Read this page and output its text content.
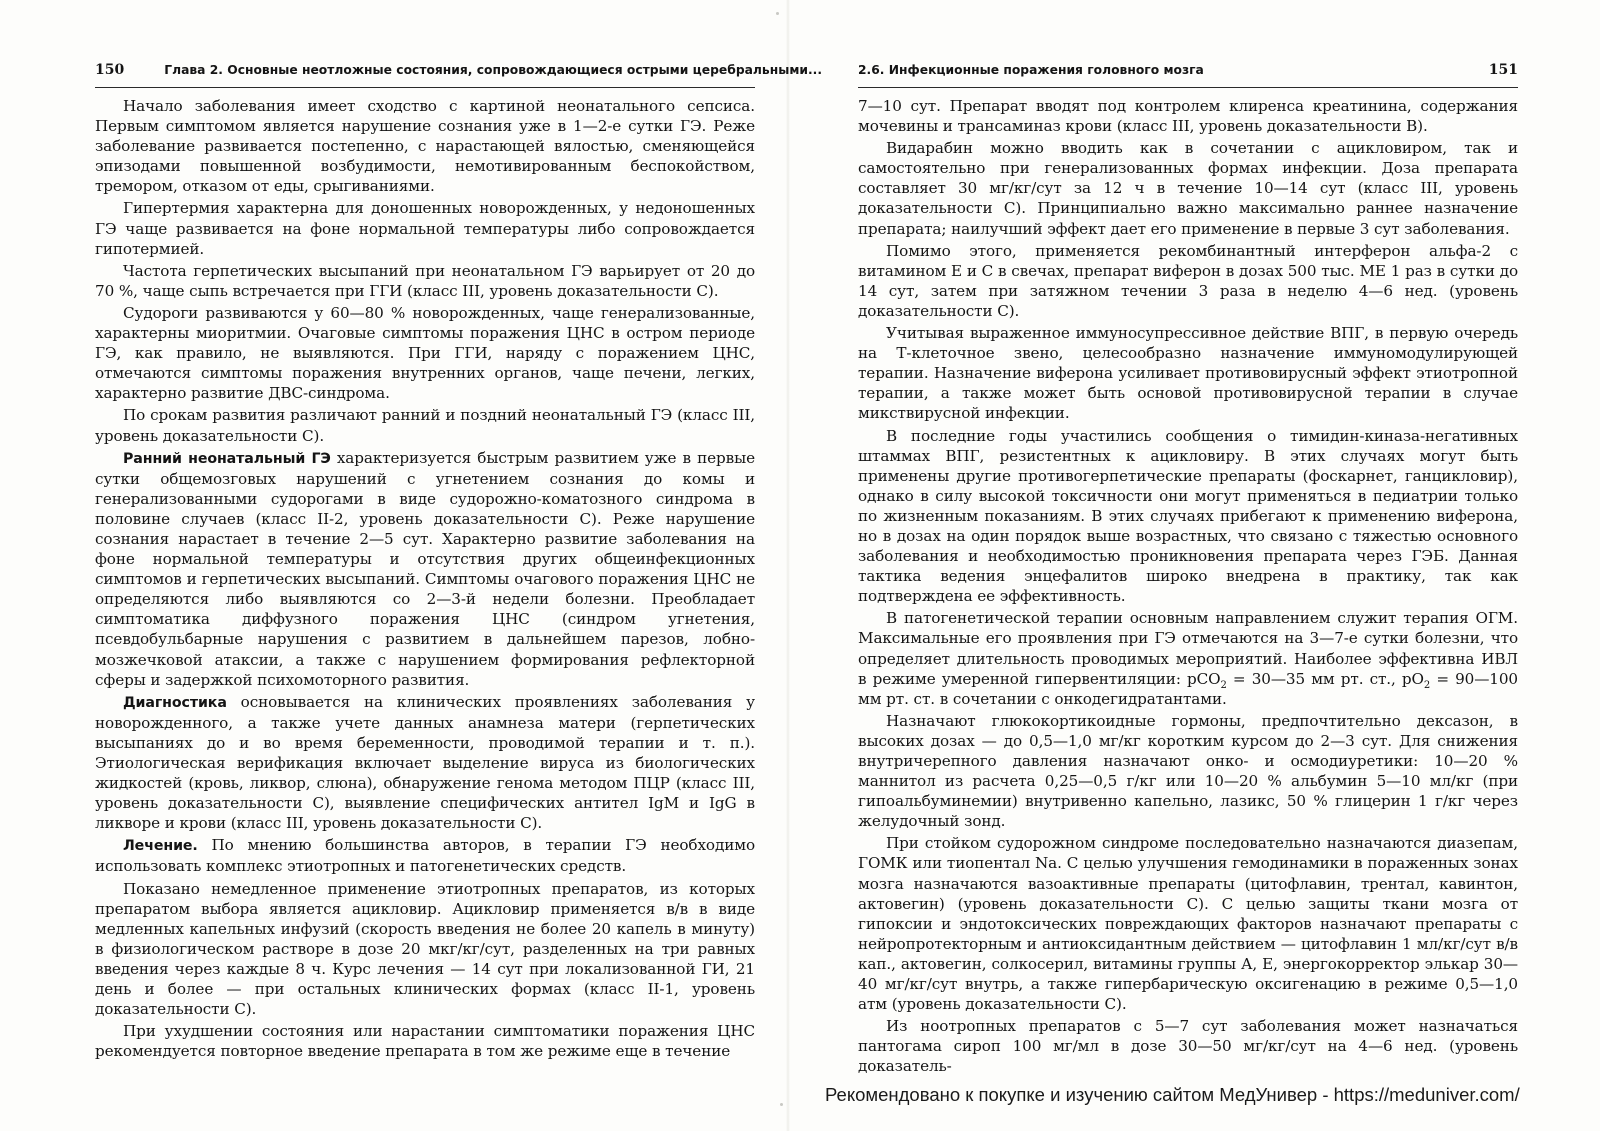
150	Глава 2. Основные неотложные состояния, сопровождающиеся острыми церебральными...

Начало заболевания имеет сходство с картиной неонатального сепсиса. Первым симптомом является нарушение сознания уже в 1—2-е сутки ГЭ. Реже заболевание развивается постепенно, с нарастающей вялостью, сменяющейся эпизодами повышенной возбудимости, немотивированным беспокойством, тремором, отказом от еды, срыгиваниями.

Гипертермия характерна для доношенных новорожденных, у недоношенных ГЭ чаще развивается на фоне нормальной температуры либо сопровождается гипотермией.

Частота герпетических высыпаний при неонатальном ГЭ варьирует от 20 до 70 %, чаще сыпь встречается при ГГИ (класс III, уровень доказательности С).

Судороги развиваются у 60—80 % новорожденных, чаще генерализованные, характерны миоритмии. Очаговые симптомы поражения ЦНС в остром периоде ГЭ, как правило, не выявляются. При ГГИ, наряду с поражением ЦНС, отмечаются симптомы поражения внутренних органов, чаще печени, легких, характерно развитие ДВС-синдрома.

По срокам развития различают ранний и поздний неонатальный ГЭ (класс III, уровень доказательности С).

Ранний неонатальный ГЭ характеризуется быстрым развитием уже в первые сутки общемозговых нарушений с угнетением сознания до комы и генерализованными судорогами в виде судорожно-коматозного синдрома в половине случаев (класс II-2, уровень доказательности С). Реже нарушение сознания нарастает в течение 2—5 сут. Характерно развитие заболевания на фоне нормальной температуры и отсутствия других общеинфекционных симптомов и герпетических высыпаний. Симптомы очагового поражения ЦНС не определяются либо выявляются со 2—3-й недели болезни. Преобладает симптоматика диффузного поражения ЦНС (синдром угнетения, псевдобульбарные нарушения с развитием в дальнейшем парезов, лобно-мозжечковой атаксии, а также с нарушением формирования рефлекторной сферы и задержкой психомоторного развития.

Диагностика основывается на клинических проявлениях заболевания у новорожденного, а также учете данных анамнеза матери (герпетических высыпаниях до и во время беременности, проводимой терапии и т. п.). Этиологическая верификация включает выделение вируса из биологических жидкостей (кровь, ликвор, слюна), обнаружение генома методом ПЦР (класс III, уровень доказательности С), выявление специфических антител IgM и IgG в ликворе и крови (класс III, уровень доказательности С).

Лечение. По мнению большинства авторов, в терапии ГЭ необходимо использовать комплекс этиотропных и патогенетических средств.

Показано немедленное применение этиотропных препаратов, из которых препаратом выбора является ацикловир. Ацикловир применяется в/в в виде медленных капельных инфузий (скорость введения не более 20 капель в минуту) в физиологическом растворе в дозе 20 мкг/кг/сут, разделенных на три равных введения через каждые 8 ч. Курс лечения — 14 сут при локализованной ГИ, 21 день и более — при остальных клинических формах (класс II-1, уровень доказательности С).

При ухудшении состояния или нарастании симптоматики поражения ЦНС рекомендуется повторное введение препарата в том же режиме еще в течение

2.6. Инфекционные поражения головного мозга	151

7—10 сут. Препарат вводят под контролем клиренса креатинина, содержания мочевины и трансаминаз крови (класс III, уровень доказательности В).

Видарабин можно вводить как в сочетании с ацикловиром, так и самостоятельно при генерализованных формах инфекции. Доза препарата составляет 30 мг/кг/сут за 12 ч в течение 10—14 сут (класс III, уровень доказательности С). Принципиально важно максимально раннее назначение препарата; наилучший эффект дает его применение в первые 3 сут заболевания.

Помимо этого, применяется рекомбинантный интерферон альфа-2 с витамином Е и С в свечах, препарат виферон в дозах 500 тыс. МЕ 1 раз в сутки до 14 сут, затем при затяжном течении 3 раза в неделю 4—6 нед. (уровень доказательности С).

Учитывая выраженное иммуносупрессивное действие ВПГ, в первую очередь на Т-клеточное звено, целесообразно назначение иммуномодулирующей терапии. Назначение виферона усиливает противовирусный эффект этиотропной терапии, а также может быть основой противовирусной терапии в случае микствирусной инфекции.

В последние годы участились сообщения о тимидин-киназа-негативных штаммах ВПГ, резистентных к ацикловиру. В этих случаях могут быть применены другие противогерпетические препараты (фоскарнет, ганцикловир), однако в силу высокой токсичности они могут применяться в педиатрии только по жизненным показаниям. В этих случаях прибегают к применению виферона, но в дозах на один порядок выше возрастных, что связано с тяжестью основного заболевания и необходимостью проникновения препарата через ГЭБ. Данная тактика ведения энцефалитов широко внедрена в практику, так как подтверждена ее эффективность.

В патогенетической терапии основным направлением служит терапия ОГМ. Максимальные его проявления при ГЭ отмечаются на 3—7-е сутки болезни, что определяет длительность проводимых мероприятий. Наиболее эффективна ИВЛ в режиме умеренной гипервентиляции: pCO$_2$ = 30—35 мм рт. ст., $pO_2$ = 90—100 мм рт. ст. в сочетании с онкодегидратантами.

Назначают глюкокортикоидные гормоны, предпочтительно дексазон, в высоких дозах — до 0,5—1,0 мг/кг коротким курсом до 2—3 сут. Для снижения внутричерепного давления назначают онко- и осмодиуретики: 10—20 % маннитол из расчета 0,25—0,5 г/кг или 10—20 % альбумин 5—10 мл/кг (при гипоальбуминемии) внутривенно капельно, лазикс, 50 % глицерин 1 г/кг через желудочный зонд.

При стойком судорожном синдроме последовательно назначаются диазепам, ГОМК или тиопентал Na. С целью улучшения гемодинамики в пораженных зонах мозга назначаются вазоактивные препараты (цитофлавин, трентал, кавинтон, актовегин) (уровень доказательности С). С целью защиты ткани мозга от гипоксии и эндотоксических повреждающих факторов назначают препараты с нейропротекторным и антиоксидантным действием — цитофлавин 1 мл/кг/сут в/в кап., актовегин, солкосерил, витамины группы А, Е, энергокорректор элькар 30—40 мг/кг/сут внутрь, а также гипербарическую оксигенацию в режиме 0,5—1,0 атм (уровень доказательности С).

Из ноотропных препаратов с 5—7 сут заболевания может назначаться пантогама сироп 100 мг/мл в дозе 30—50 мг/кг/сут на 4—6 нед. (уровень доказатель-

Рекомендовано к покупке и изучению сайтом МедУнивер - https://meduniver.com/
